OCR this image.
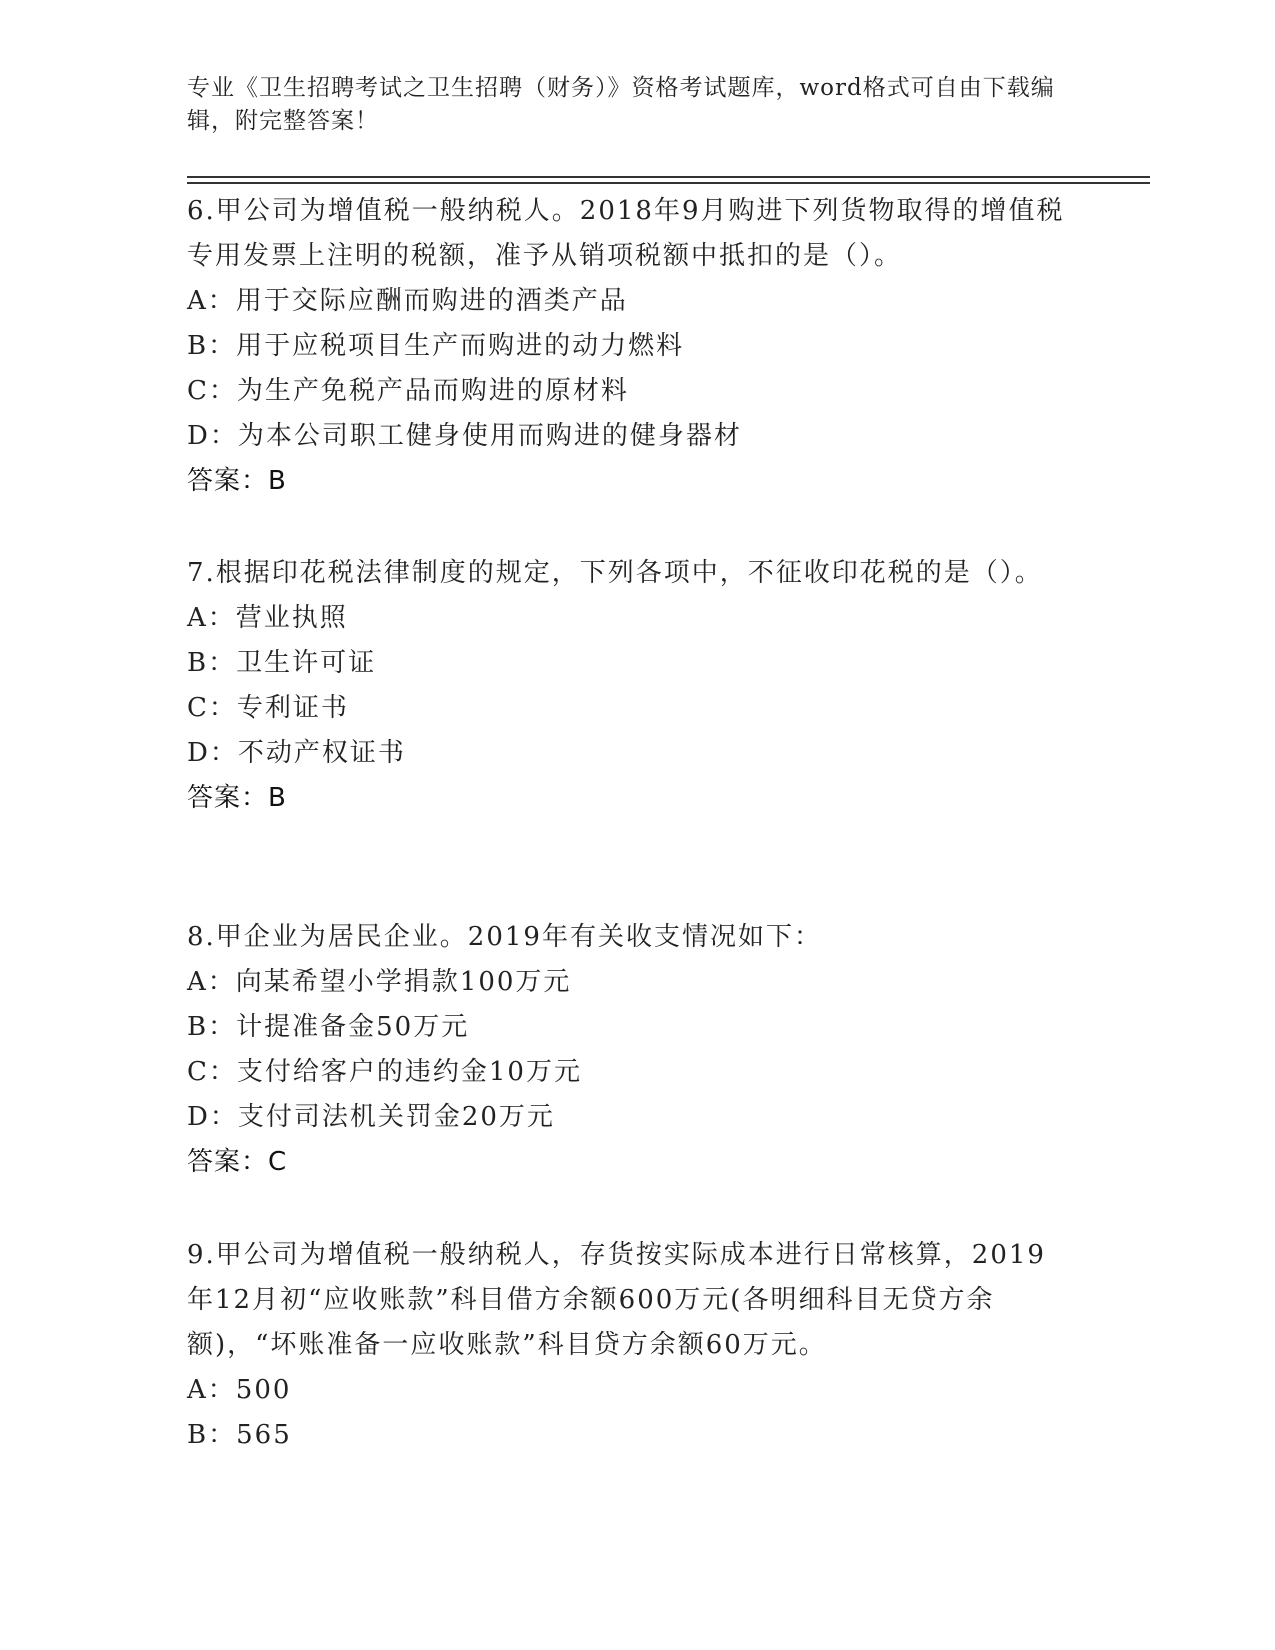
专业《卫生招聘考试之卫生招聘（财务）》资格考试题库，word格式可自由下载编辑，附完整答案！
6.甲公司为增值税一般纳税人。2018年9月购进下列货物取得的增值税专用发票上注明的税额，准予从销项税额中抵扣的是（）。
A：用于交际应酬而购进的酒类产品
B：用于应税项目生产而购进的动力燃料
C：为生产免税产品而购进的原材料
D：为本公司职工健身使用而购进的健身器材
答案：B
7.根据印花税法律制度的规定，下列各项中，不征收印花税的是（）。
A：营业执照
B：卫生许可证
C：专利证书
D：不动产权证书
答案：B
8.甲企业为居民企业。2019年有关收支情况如下：
A：向某希望小学捐款100万元
B：计提准备金50万元
C：支付给客户的违约金10万元
D：支付司法机关罚金20万元
答案：C
9.甲公司为增值税一般纳税人，存货按实际成本进行日常核算，2019年12月初“应收账款”科目借方余额600万元(各明细科目无贷方余额)，“坏账准备一应收账款”科目贷方余额60万元。
A：500
B：565
